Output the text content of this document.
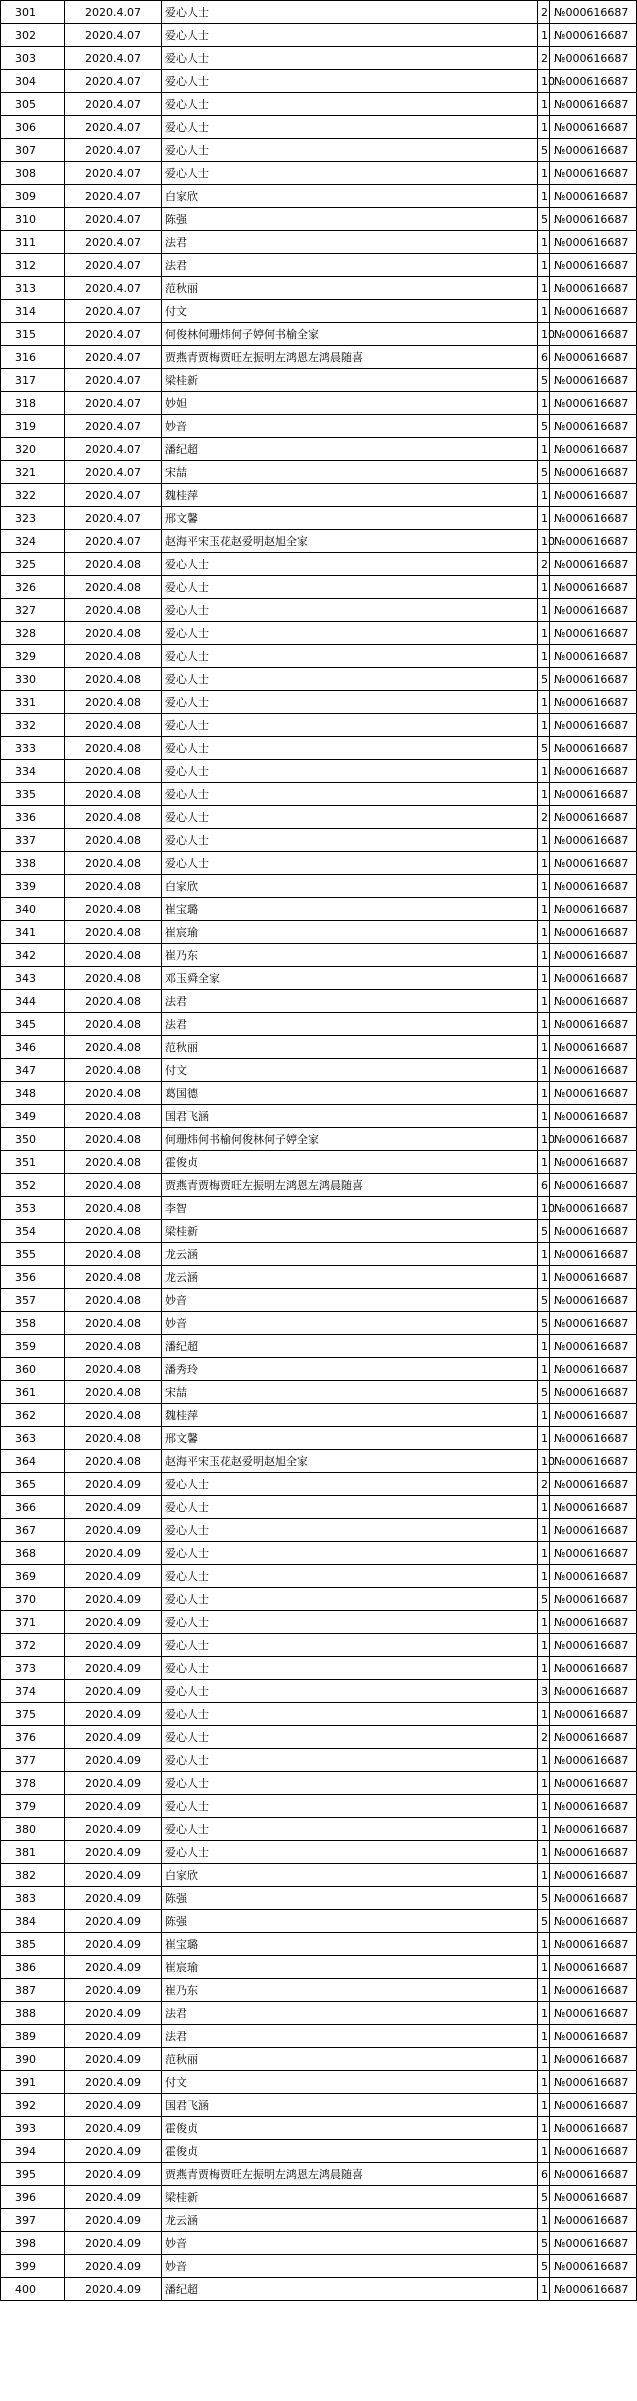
301	2020.4.07	爱心人士	2	№000616687
302	2020.4.07	爱心人士	1	№000616687
303	2020.4.07	爱心人士	2	№000616687
304	2020.4.07	爱心人士	10	№000616687
305	2020.4.07	爱心人士	1	№000616687
306	2020.4.07	爱心人士	1	№000616687
307	2020.4.07	爱心人士	5	№000616687
308	2020.4.07	爱心人士	1	№000616687
309	2020.4.07	白家欣	1	№000616687
310	2020.4.07	陈强	5	№000616687
311	2020.4.07	法君	1	№000616687
312	2020.4.07	法君	1	№000616687
313	2020.4.07	范秋丽	1	№000616687
314	2020.4.07	付文	1	№000616687
315	2020.4.07	何俊林何珊炜何子婷何书榆全家	10	№000616687
316	2020.4.07	贾燕青贾梅贾旺左振明左鸿恩左鸿晨随喜	6	№000616687
317	2020.4.07	梁桂新	5	№000616687
318	2020.4.07	妙妲	1	№000616687
319	2020.4.07	妙音	5	№000616687
320	2020.4.07	潘纪超	1	№000616687
321	2020.4.07	宋喆	5	№000616687
322	2020.4.07	魏桂萍	1	№000616687
323	2020.4.07	邢文馨	1	№000616687
324	2020.4.07	赵海平宋玉花赵爱明赵旭全家	10	№000616687
325	2020.4.08	爱心人士	2	№000616687
326	2020.4.08	爱心人士	1	№000616687
327	2020.4.08	爱心人士	1	№000616687
328	2020.4.08	爱心人士	1	№000616687
329	2020.4.08	爱心人士	1	№000616687
330	2020.4.08	爱心人士	5	№000616687
331	2020.4.08	爱心人士	1	№000616687
332	2020.4.08	爱心人士	1	№000616687
333	2020.4.08	爱心人士	5	№000616687
334	2020.4.08	爱心人士	1	№000616687
335	2020.4.08	爱心人士	1	№000616687
336	2020.4.08	爱心人士	2	№000616687
337	2020.4.08	爱心人士	1	№000616687
338	2020.4.08	爱心人士	1	№000616687
339	2020.4.08	白家欣	1	№000616687
340	2020.4.08	崔宝璐	1	№000616687
341	2020.4.08	崔宸瑜	1	№000616687
342	2020.4.08	崔乃东	1	№000616687
343	2020.4.08	邓玉舜全家	1	№000616687
344	2020.4.08	法君	1	№000616687
345	2020.4.08	法君	1	№000616687
346	2020.4.08	范秋丽	1	№000616687
347	2020.4.08	付文	1	№000616687
348	2020.4.08	葛国德	1	№000616687
349	2020.4.08	国君飞涵	1	№000616687
350	2020.4.08	何珊炜何书榆何俊林何子婷全家	10	№000616687
351	2020.4.08	霍俊贞	1	№000616687
352	2020.4.08	贾燕青贾梅贾旺左振明左鸿恩左鸿晨随喜	6	№000616687
353	2020.4.08	李智	10	№000616687
354	2020.4.08	梁桂新	5	№000616687
355	2020.4.08	龙云涵	1	№000616687
356	2020.4.08	龙云涵	1	№000616687
357	2020.4.08	妙音	5	№000616687
358	2020.4.08	妙音	5	№000616687
359	2020.4.08	潘纪超	1	№000616687
360	2020.4.08	潘秀玲	1	№000616687
361	2020.4.08	宋喆	5	№000616687
362	2020.4.08	魏桂萍	1	№000616687
363	2020.4.08	邢文馨	1	№000616687
364	2020.4.08	赵海平宋玉花赵爱明赵旭全家	10	№000616687
365	2020.4.09	爱心人士	2	№000616687
366	2020.4.09	爱心人士	1	№000616687
367	2020.4.09	爱心人士	1	№000616687
368	2020.4.09	爱心人士	1	№000616687
369	2020.4.09	爱心人士	1	№000616687
370	2020.4.09	爱心人士	5	№000616687
371	2020.4.09	爱心人士	1	№000616687
372	2020.4.09	爱心人士	1	№000616687
373	2020.4.09	爱心人士	1	№000616687
374	2020.4.09	爱心人士	3	№000616687
375	2020.4.09	爱心人士	1	№000616687
376	2020.4.09	爱心人士	2	№000616687
377	2020.4.09	爱心人士	1	№000616687
378	2020.4.09	爱心人士	1	№000616687
379	2020.4.09	爱心人士	1	№000616687
380	2020.4.09	爱心人士	1	№000616687
381	2020.4.09	爱心人士	1	№000616687
382	2020.4.09	白家欣	1	№000616687
383	2020.4.09	陈强	5	№000616687
384	2020.4.09	陈强	5	№000616687
385	2020.4.09	崔宝璐	1	№000616687
386	2020.4.09	崔宸瑜	1	№000616687
387	2020.4.09	崔乃东	1	№000616687
388	2020.4.09	法君	1	№000616687
389	2020.4.09	法君	1	№000616687
390	2020.4.09	范秋丽	1	№000616687
391	2020.4.09	付文	1	№000616687
392	2020.4.09	国君飞涵	1	№000616687
393	2020.4.09	霍俊贞	1	№000616687
394	2020.4.09	霍俊贞	1	№000616687
395	2020.4.09	贾燕青贾梅贾旺左振明左鸿恩左鸿晨随喜	6	№000616687
396	2020.4.09	梁桂新	5	№000616687
397	2020.4.09	龙云涵	1	№000616687
398	2020.4.09	妙音	5	№000616687
399	2020.4.09	妙音	5	№000616687
400	2020.4.09	潘纪超	1	№000616687
